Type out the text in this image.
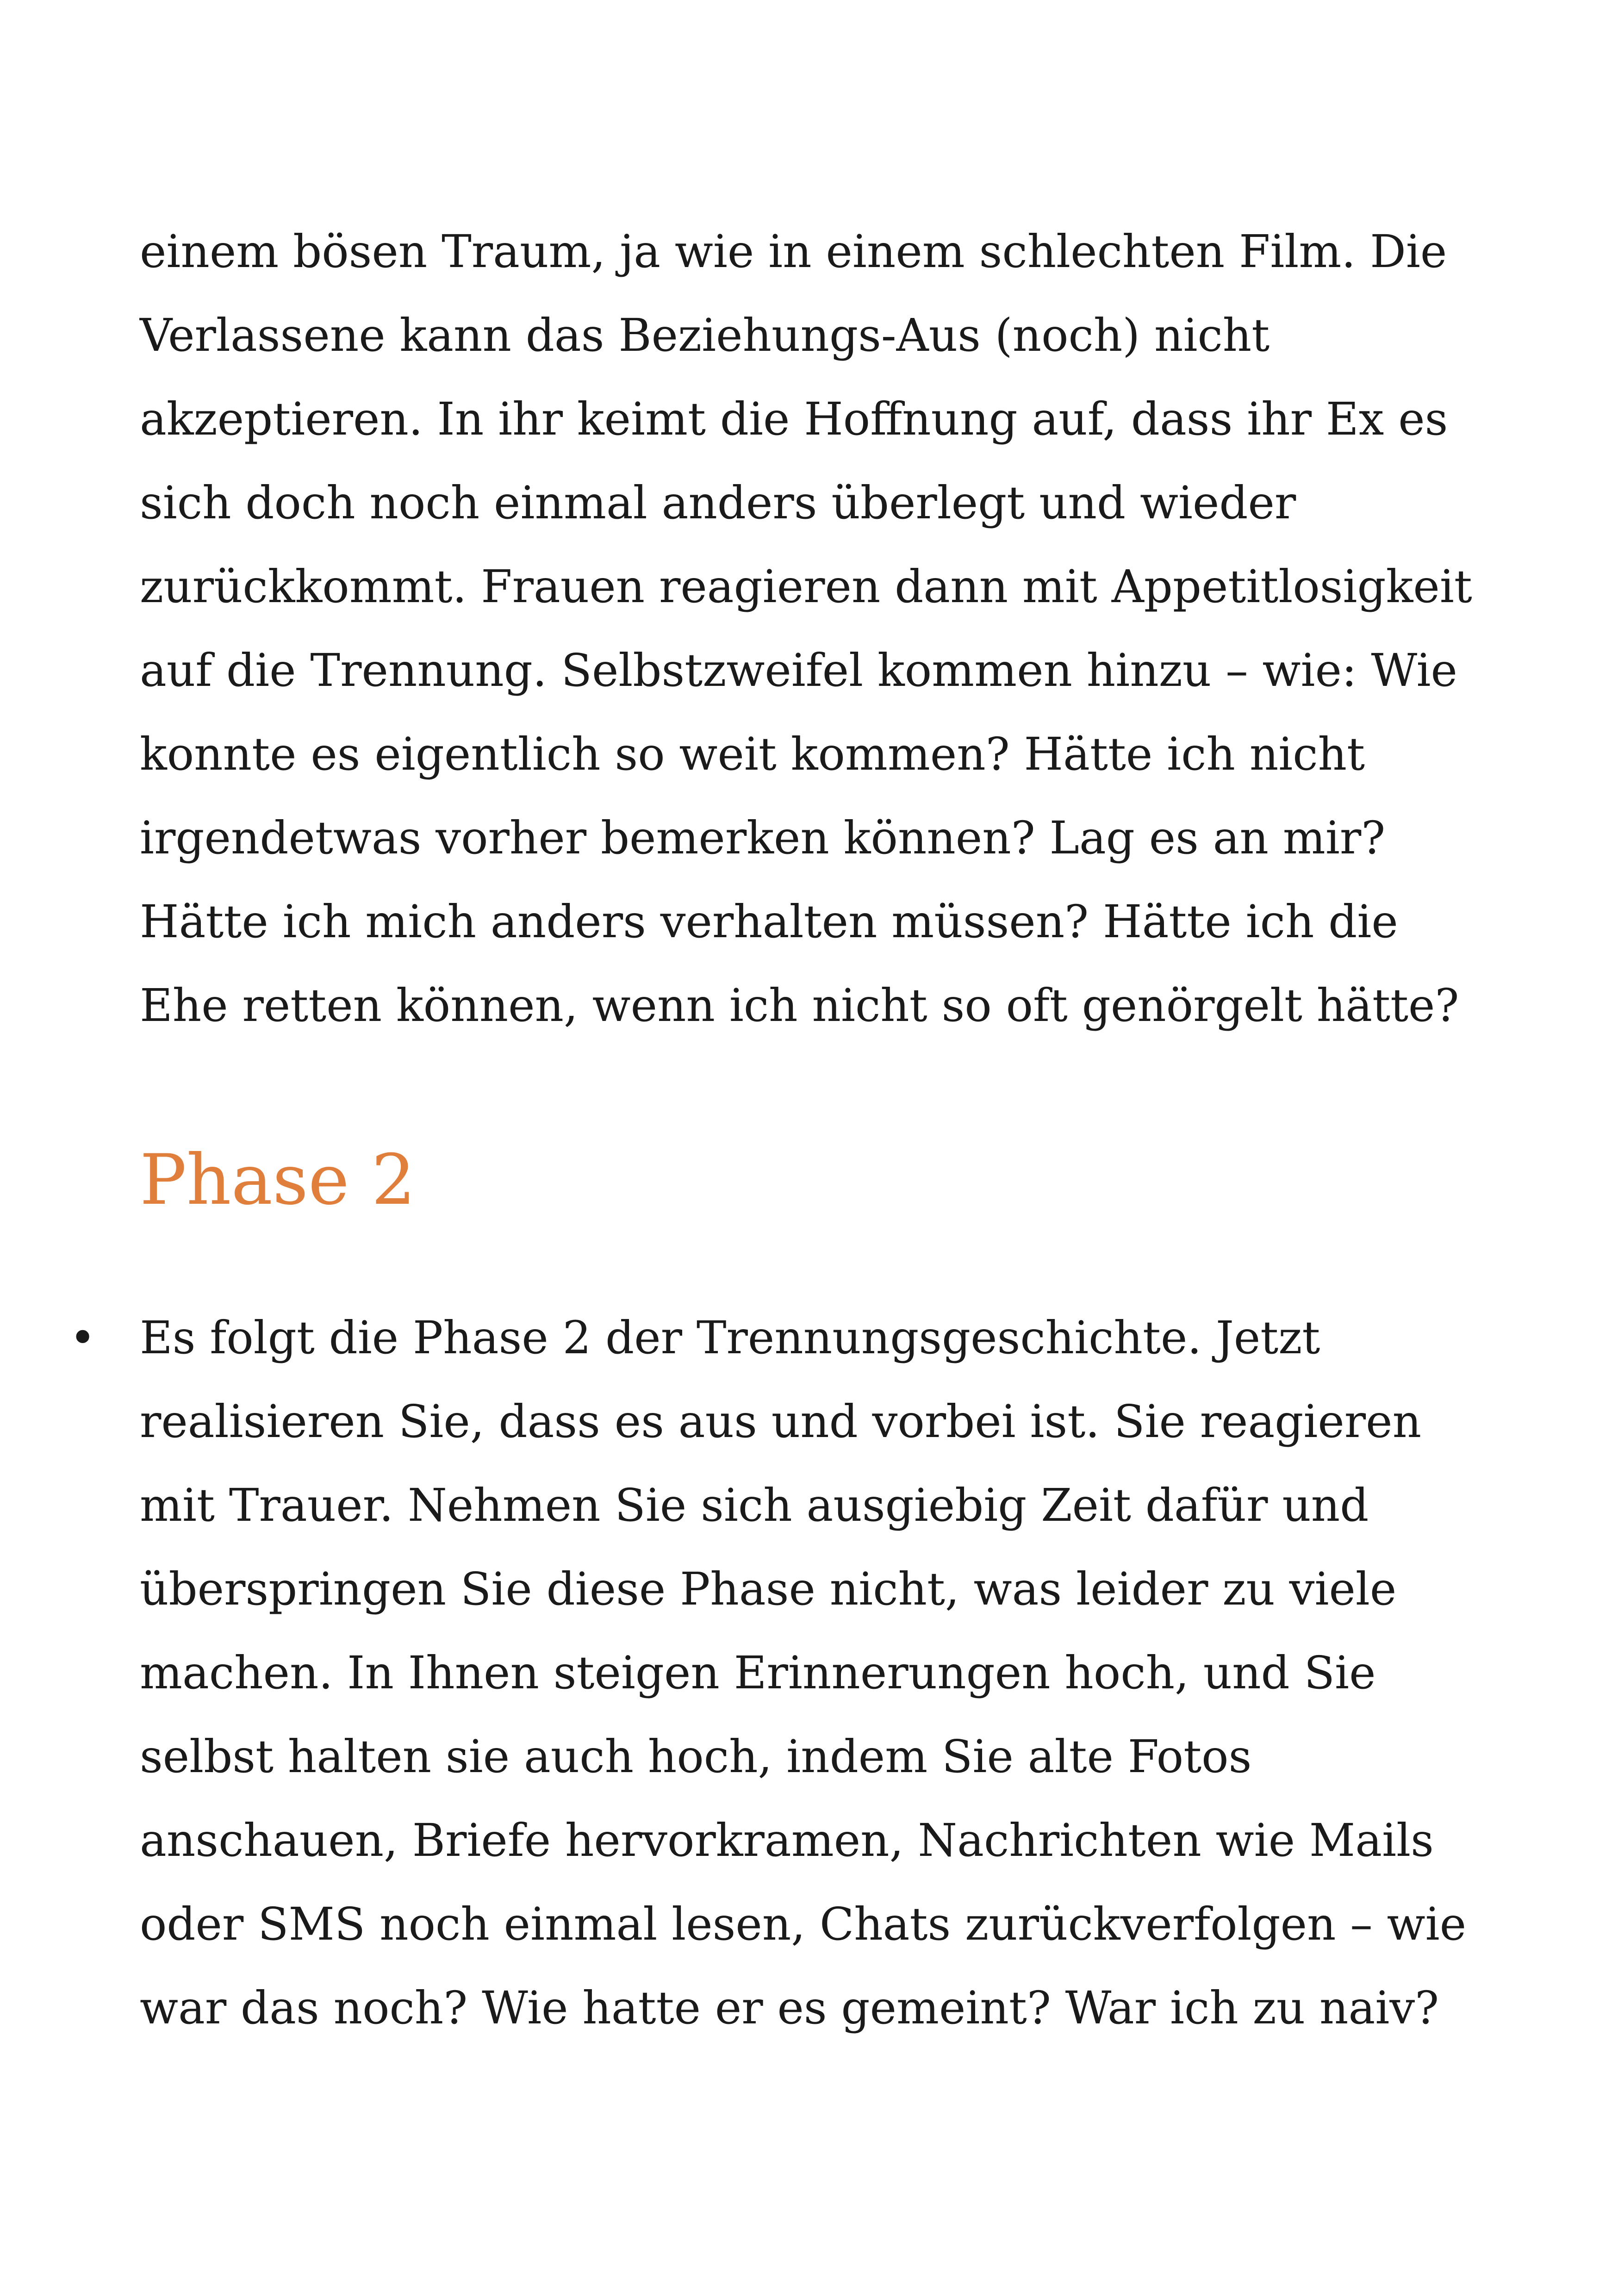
einem bösen Traum, ja wie in einem schlechten Film. Die
Verlassene kann das Beziehungs-Aus (noch) nicht
akzeptieren. In ihr keimt die Hoffnung auf, dass ihr Ex es
sich doch noch einmal anders überlegt und wieder
zurückkommt. Frauen reagieren dann mit Appetitlosigkeit
auf die Trennung. Selbstzweifel kommen hinzu – wie: Wie
konnte es eigentlich so weit kommen? Hätte ich nicht
irgendetwas vorher bemerken können? Lag es an mir?
Hätte ich mich anders verhalten müssen? Hätte ich die
Ehe retten können, wenn ich nicht so oft genörgelt hätte?
Phase 2
• Es folgt die Phase 2 der Trennungsgeschichte. Jetzt
realisieren Sie, dass es aus und vorbei ist. Sie reagieren
mit Trauer. Nehmen Sie sich ausgiebig Zeit dafür und
überspringen Sie diese Phase nicht, was leider zu viele
machen. In Ihnen steigen Erinnerungen hoch, und Sie
selbst halten sie auch hoch, indem Sie alte Fotos
anschauen, Briefe hervorkramen, Nachrichten wie Mails
oder SMS noch einmal lesen, Chats zurückverfolgen – wie
war das noch? Wie hatte er es gemeint? War ich zu naiv?
